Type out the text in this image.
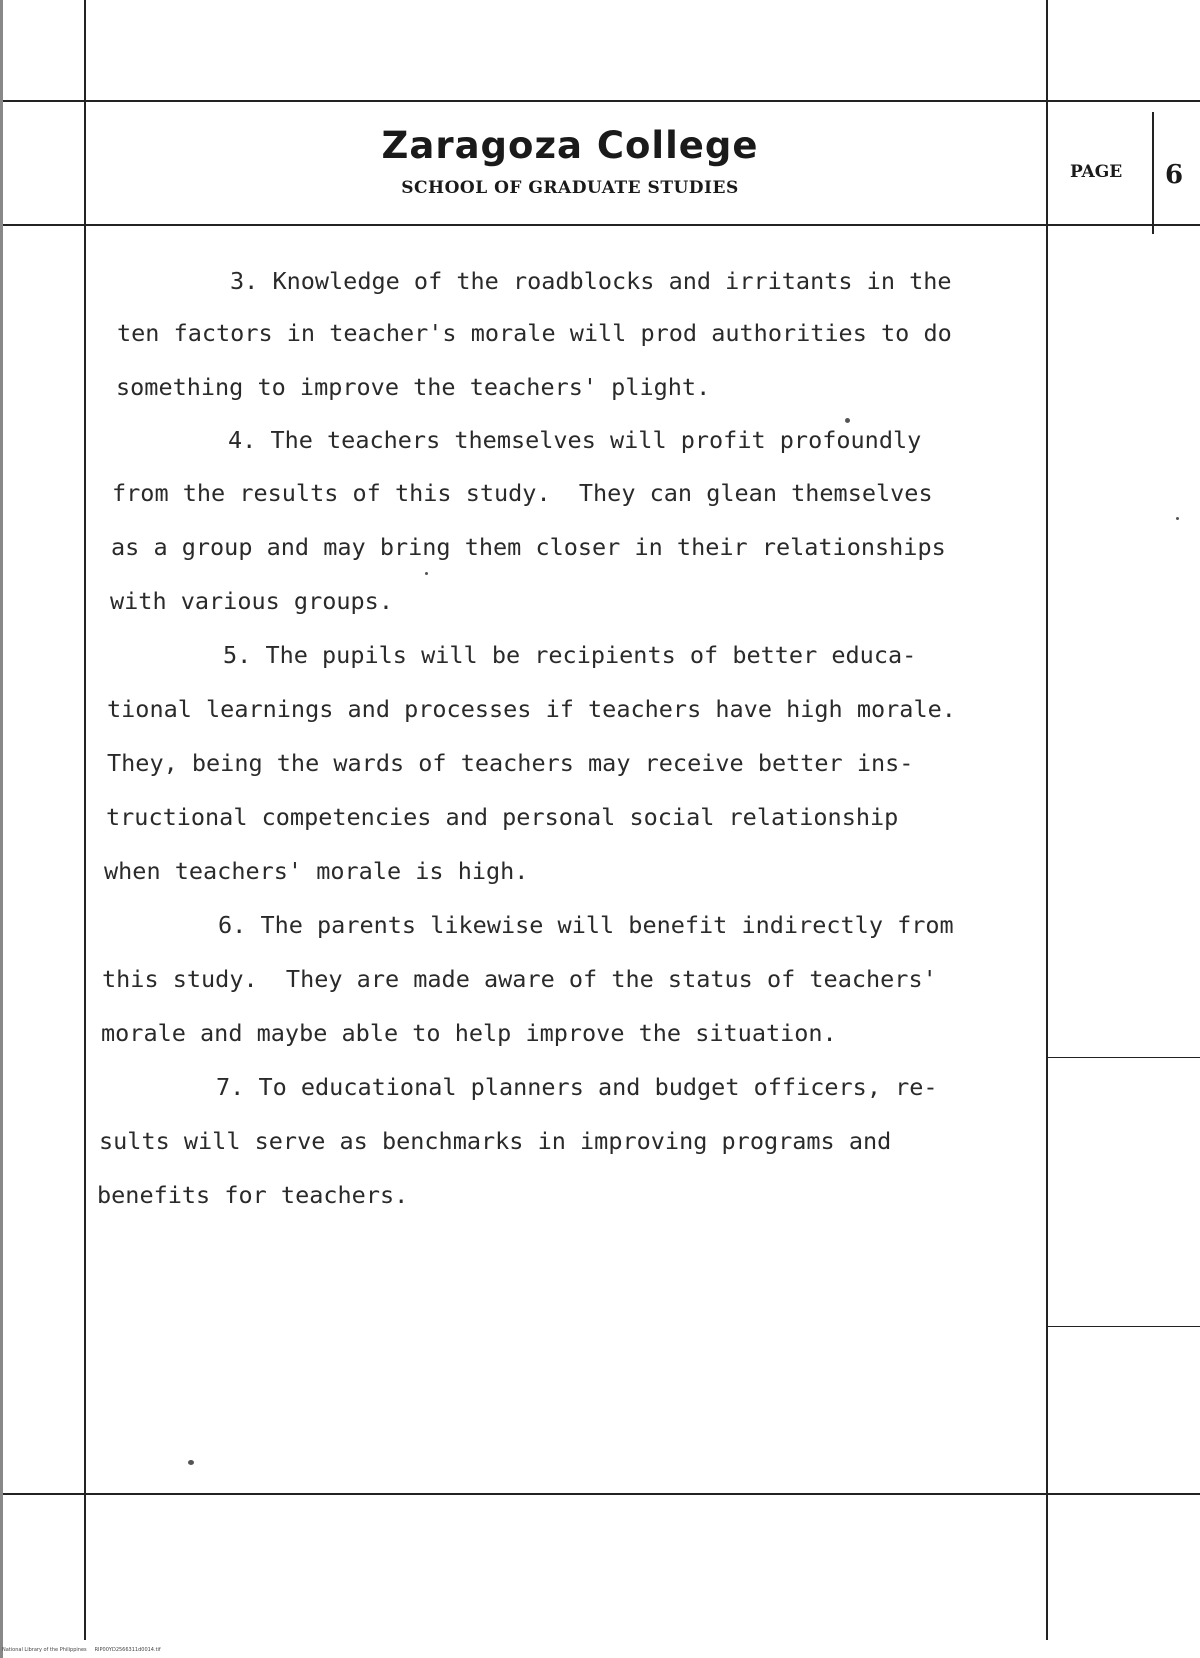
Zaragoza College
SCHOOL OF GRADUATE STUDIES
PAGE 6
3. Knowledge of the roadblocks and irritants in the
ten factors in teacher's morale will prod authorities to do
something to improve the teachers' plight.
4. The teachers themselves will profit profoundly
from the results of this study.  They can glean themselves
as a group and may bring them closer in their relationships
with various groups.
5. The pupils will be recipients of better educa-
tional learnings and processes if teachers have high morale.
They, being the wards of teachers may receive better ins-
tructional competencies and personal social relationship
when teachers' morale is high.
6. The parents likewise will benefit indirectly from
this study.  They are made aware of the status of teachers'
morale and maybe able to help improve the situation.
7. To educational planners and budget officers, re-
sults will serve as benchmarks in improving programs and
benefits for teachers.
National Library of the Philippines     RIP00YD2566311d0014.tif
